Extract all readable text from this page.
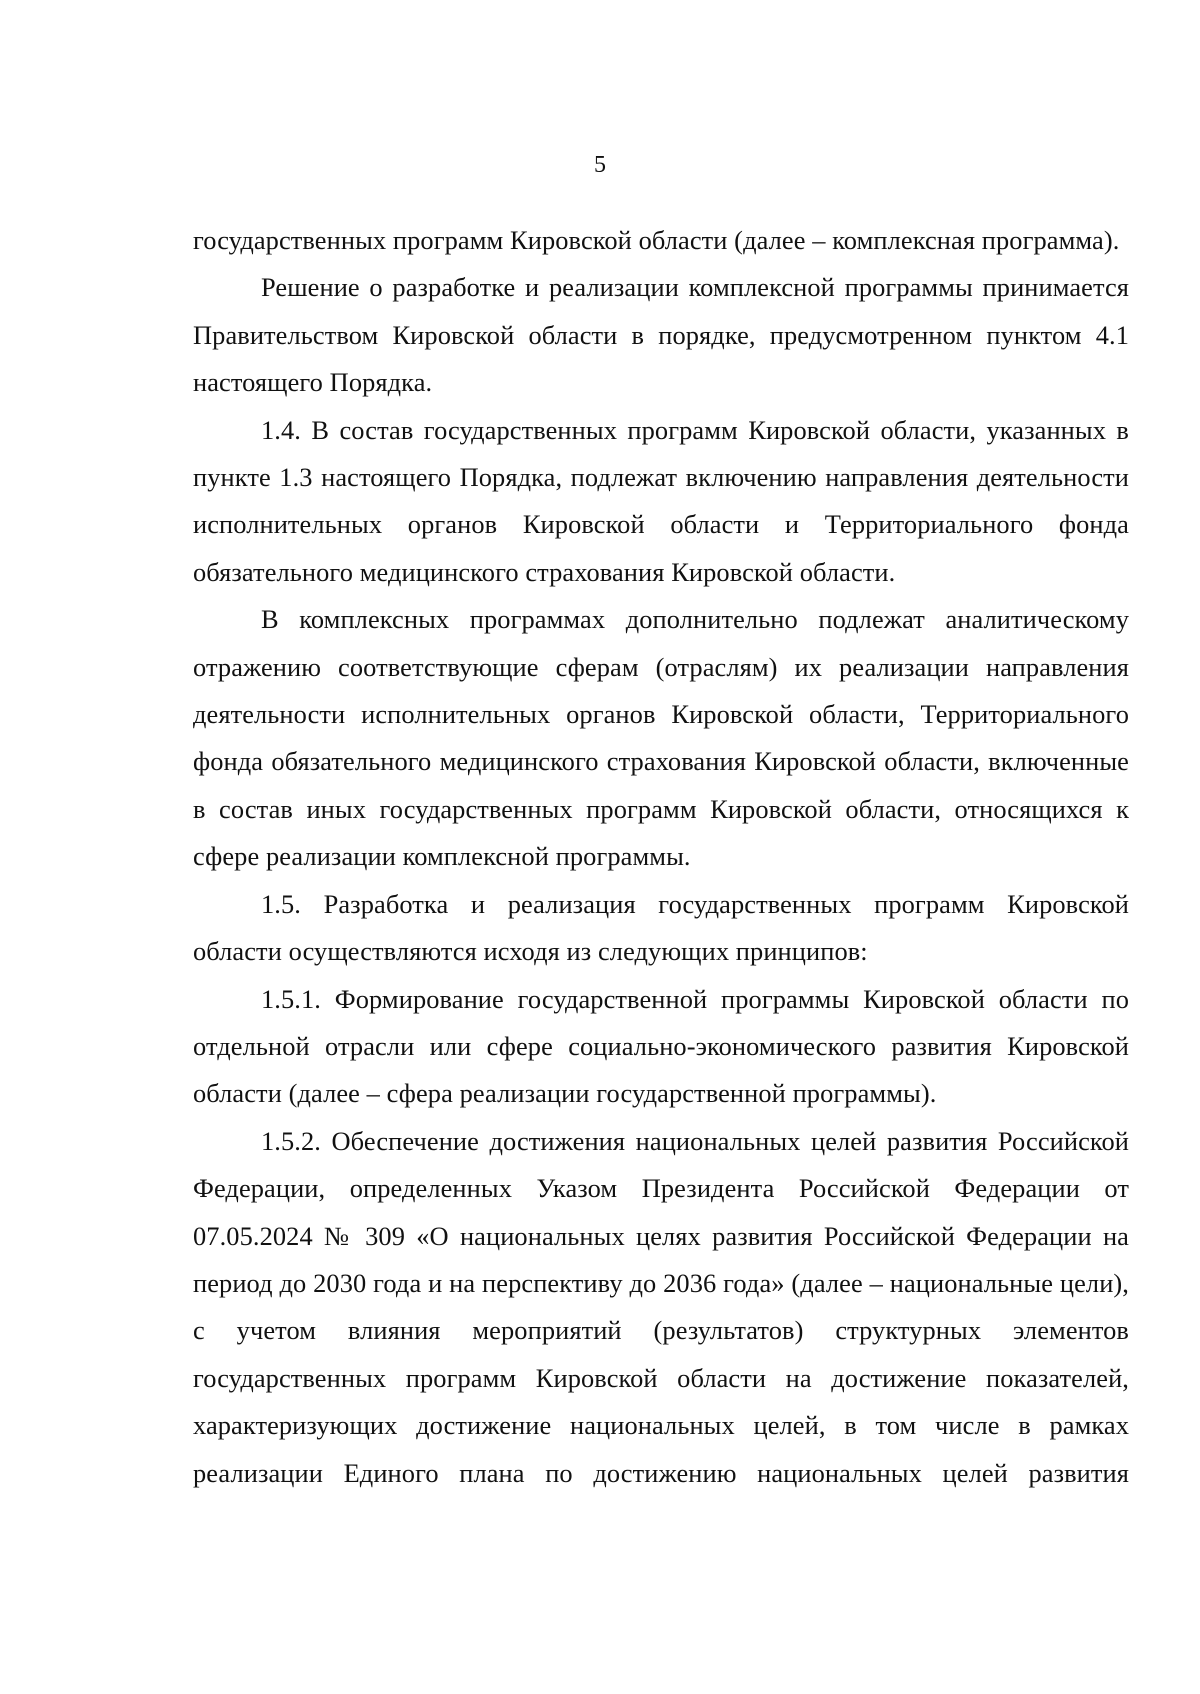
5

государственных программ Кировской области (далее – комплексная программа).

Решение о разработке и реализации комплексной программы принимается Правительством Кировской области в порядке, предусмотренном пунктом 4.1 настоящего Порядка.

1.4. В состав государственных программ Кировской области, указанных в пункте 1.3 настоящего Порядка, подлежат включению направления деятельности исполнительных органов Кировской области и Территориального фонда обязательного медицинского страхования Кировской области.

В комплексных программах дополнительно подлежат аналитическому отражению соответствующие сферам (отраслям) их реализации направления деятельности исполнительных органов Кировской области, Территориального фонда обязательного медицинского страхования Кировской области, включенные в состав иных государственных программ Кировской области, относящихся к сфере реализации комплексной программы.

1.5. Разработка и реализация государственных программ Кировской области осуществляются исходя из следующих принципов:

1.5.1. Формирование государственной программы Кировской области по отдельной отрасли или сфере социально-экономического развития Кировской области (далее – сфера реализации государственной программы).

1.5.2. Обеспечение достижения национальных целей развития Российской Федерации, определенных Указом Президента Российской Федерации от 07.05.2024 № 309 «О национальных целях развития Российской Федерации на период до 2030 года и на перспективу до 2036 года» (далее – национальные цели), с учетом влияния мероприятий (результатов) структурных элементов государственных программ Кировской области на достижение показателей, характеризующих достижение национальных целей, в том числе в рамках реализации Единого плана по достижению национальных целей развития
